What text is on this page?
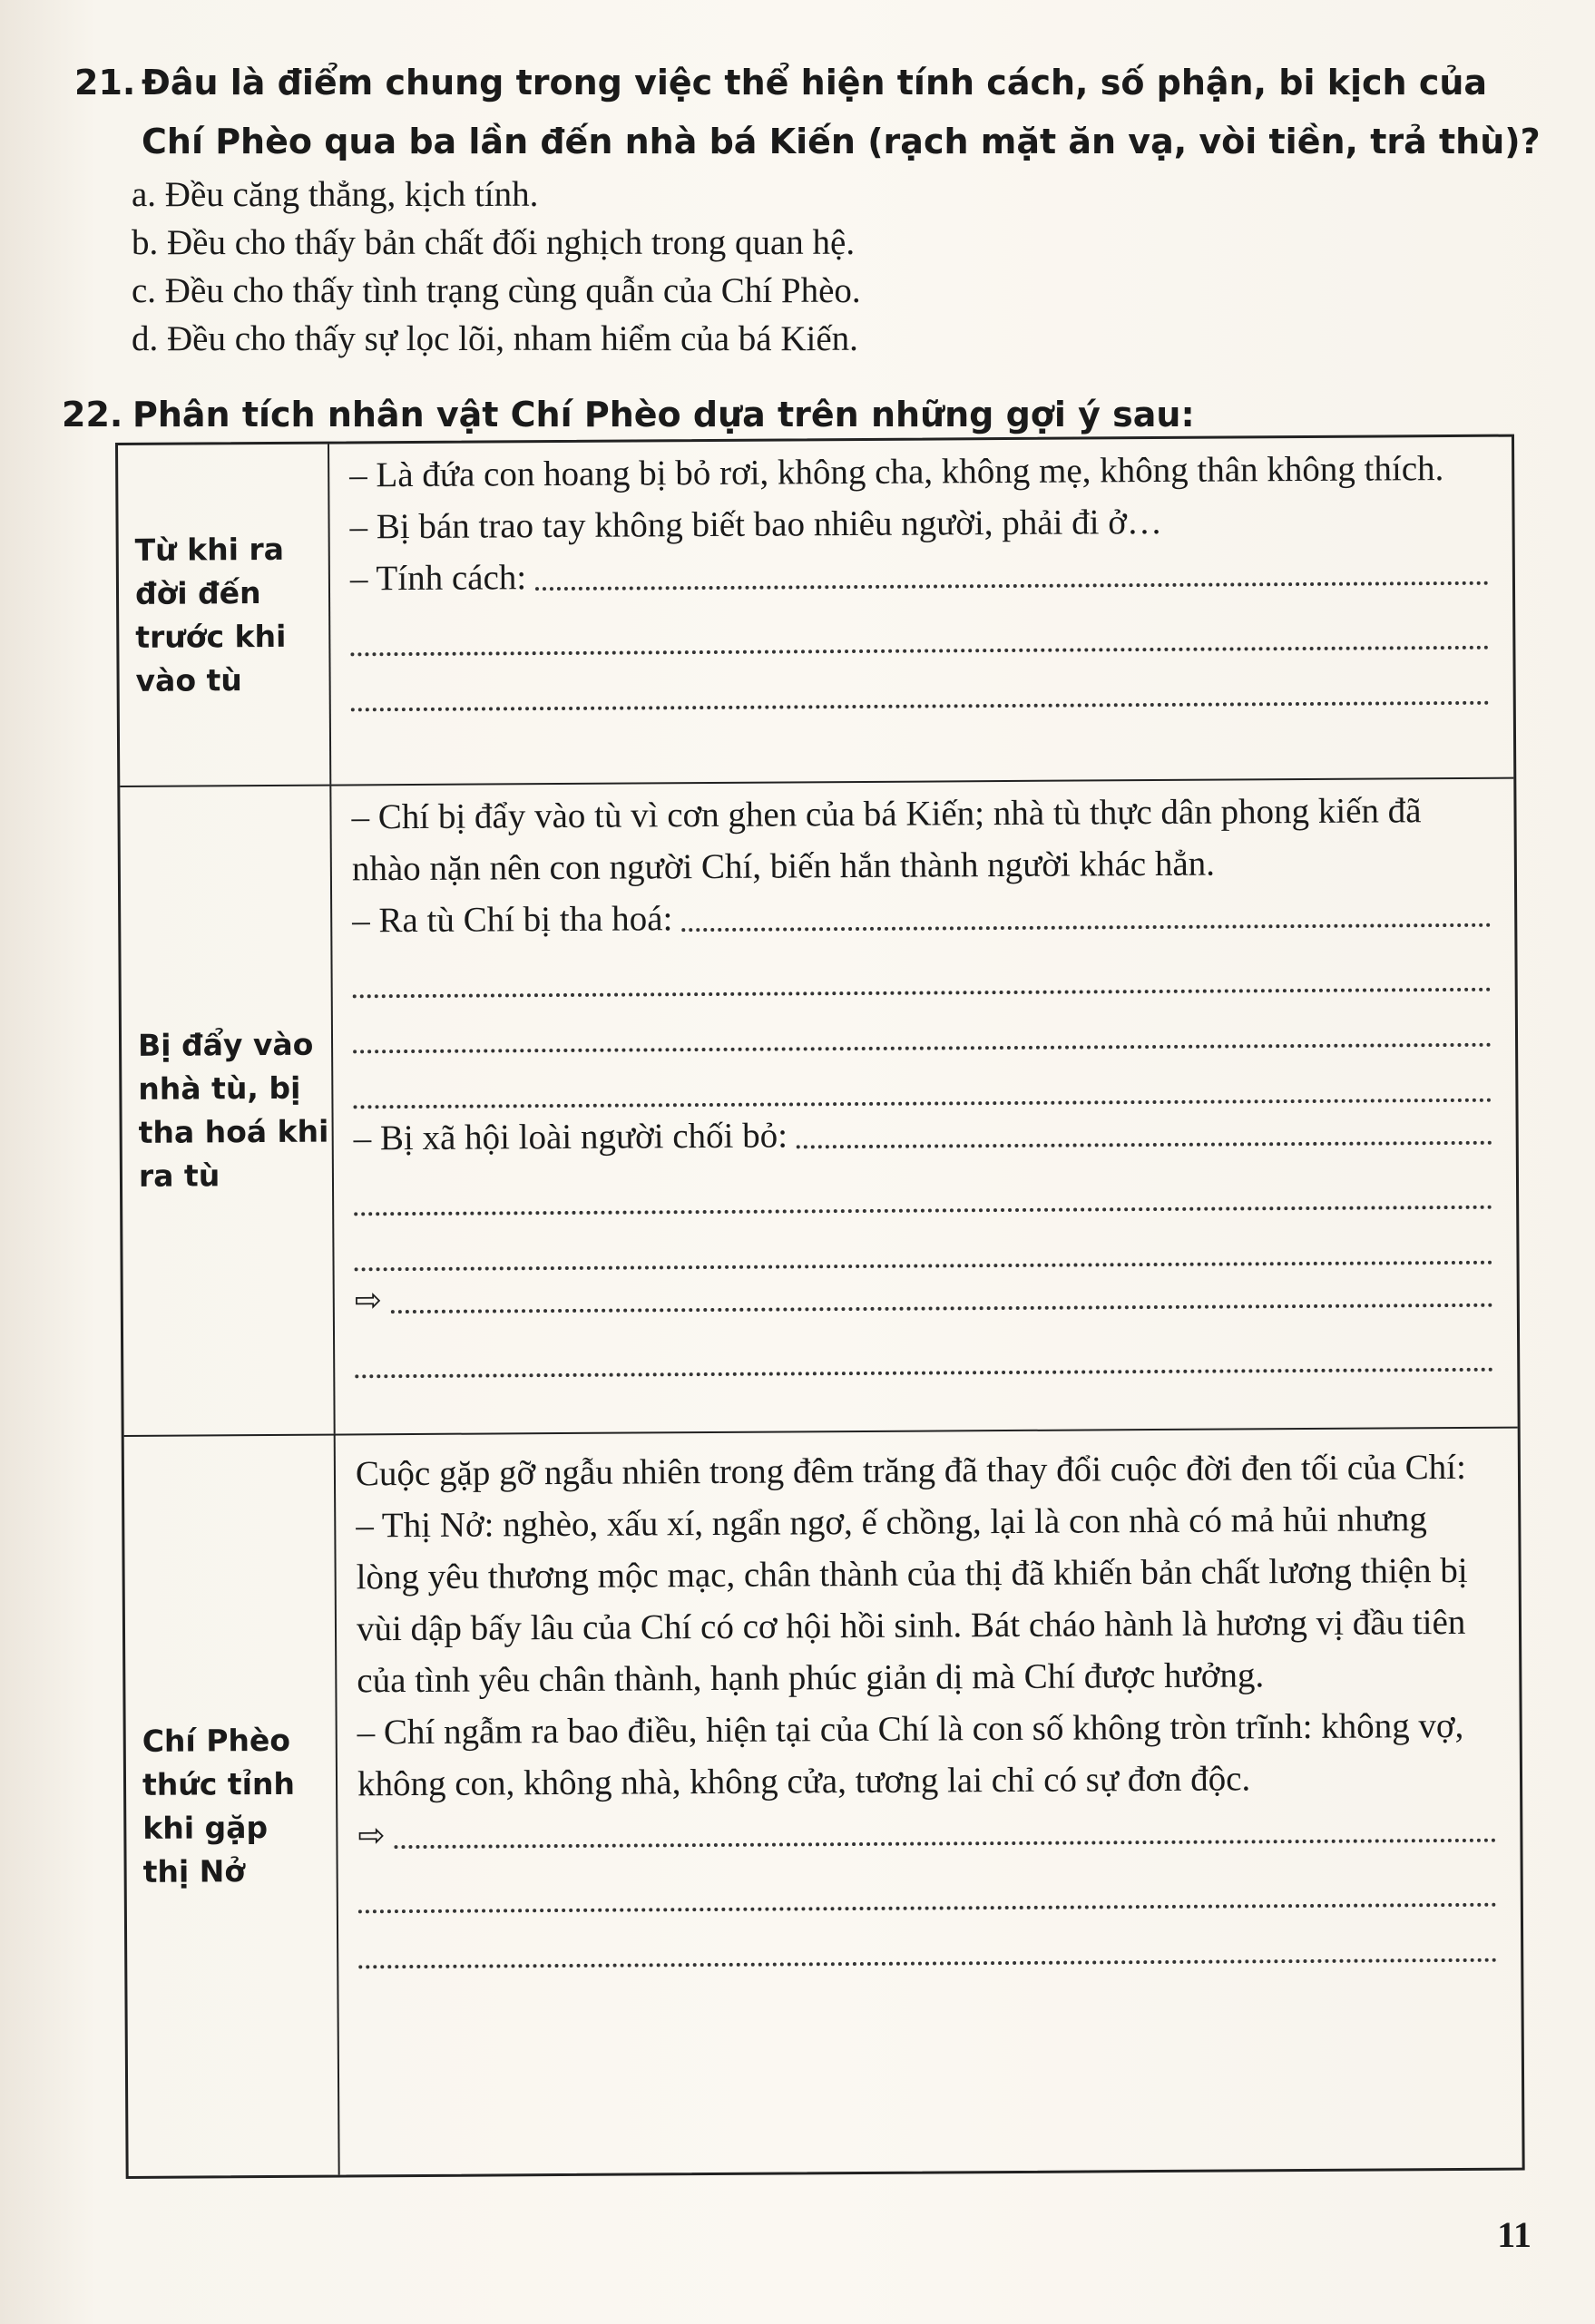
21. Đâu là điểm chung trong việc thể hiện tính cách, số phận, bi kịch của
Chí Phèo qua ba lần đến nhà bá Kiến (rạch mặt ăn vạ, vòi tiền, trả thù)?
a. Đều căng thẳng, kịch tính.
b. Đều cho thấy bản chất đối nghịch trong quan hệ.
c. Đều cho thấy tình trạng cùng quẫn của Chí Phèo.
d. Đều cho thấy sự lọc lõi, nham hiểm của bá Kiến.
22. Phân tích nhân vật Chí Phèo dựa trên những gợi ý sau:
Từ khi ra
đời đến
trước khi
vào tù
– Là đứa con hoang bị bỏ rơi, không cha, không mẹ, không thân không thích.
– Bị bán trao tay không biết bao nhiêu người, phải đi ở…
– Tính cách:
Bị đẩy vào
nhà tù, bị
tha hoá khi
ra tù
– Chí bị đẩy vào tù vì cơn ghen của bá Kiến; nhà tù thực dân phong kiến đã nhào nặn nên con người Chí, biến hắn thành người khác hẳn.
– Ra tù Chí bị tha hoá:
– Bị xã hội loài người chối bỏ:
⇨
Chí Phèo
thức tỉnh
khi gặp
thị Nở
Cuộc gặp gỡ ngẫu nhiên trong đêm trăng đã thay đổi cuộc đời đen tối của Chí:
– Thị Nở: nghèo, xấu xí, ngẩn ngơ, ế chồng, lại là con nhà có mả hủi nhưng lòng yêu thương mộc mạc, chân thành của thị đã khiến bản chất lương thiện bị vùi dập bấy lâu của Chí có cơ hội hồi sinh. Bát cháo hành là hương vị đầu tiên của tình yêu chân thành, hạnh phúc giản dị mà Chí được hưởng.
– Chí ngẫm ra bao điều, hiện tại của Chí là con số không tròn trĩnh: không vợ, không con, không nhà, không cửa, tương lai chỉ có sự đơn độc.
⇨
11
